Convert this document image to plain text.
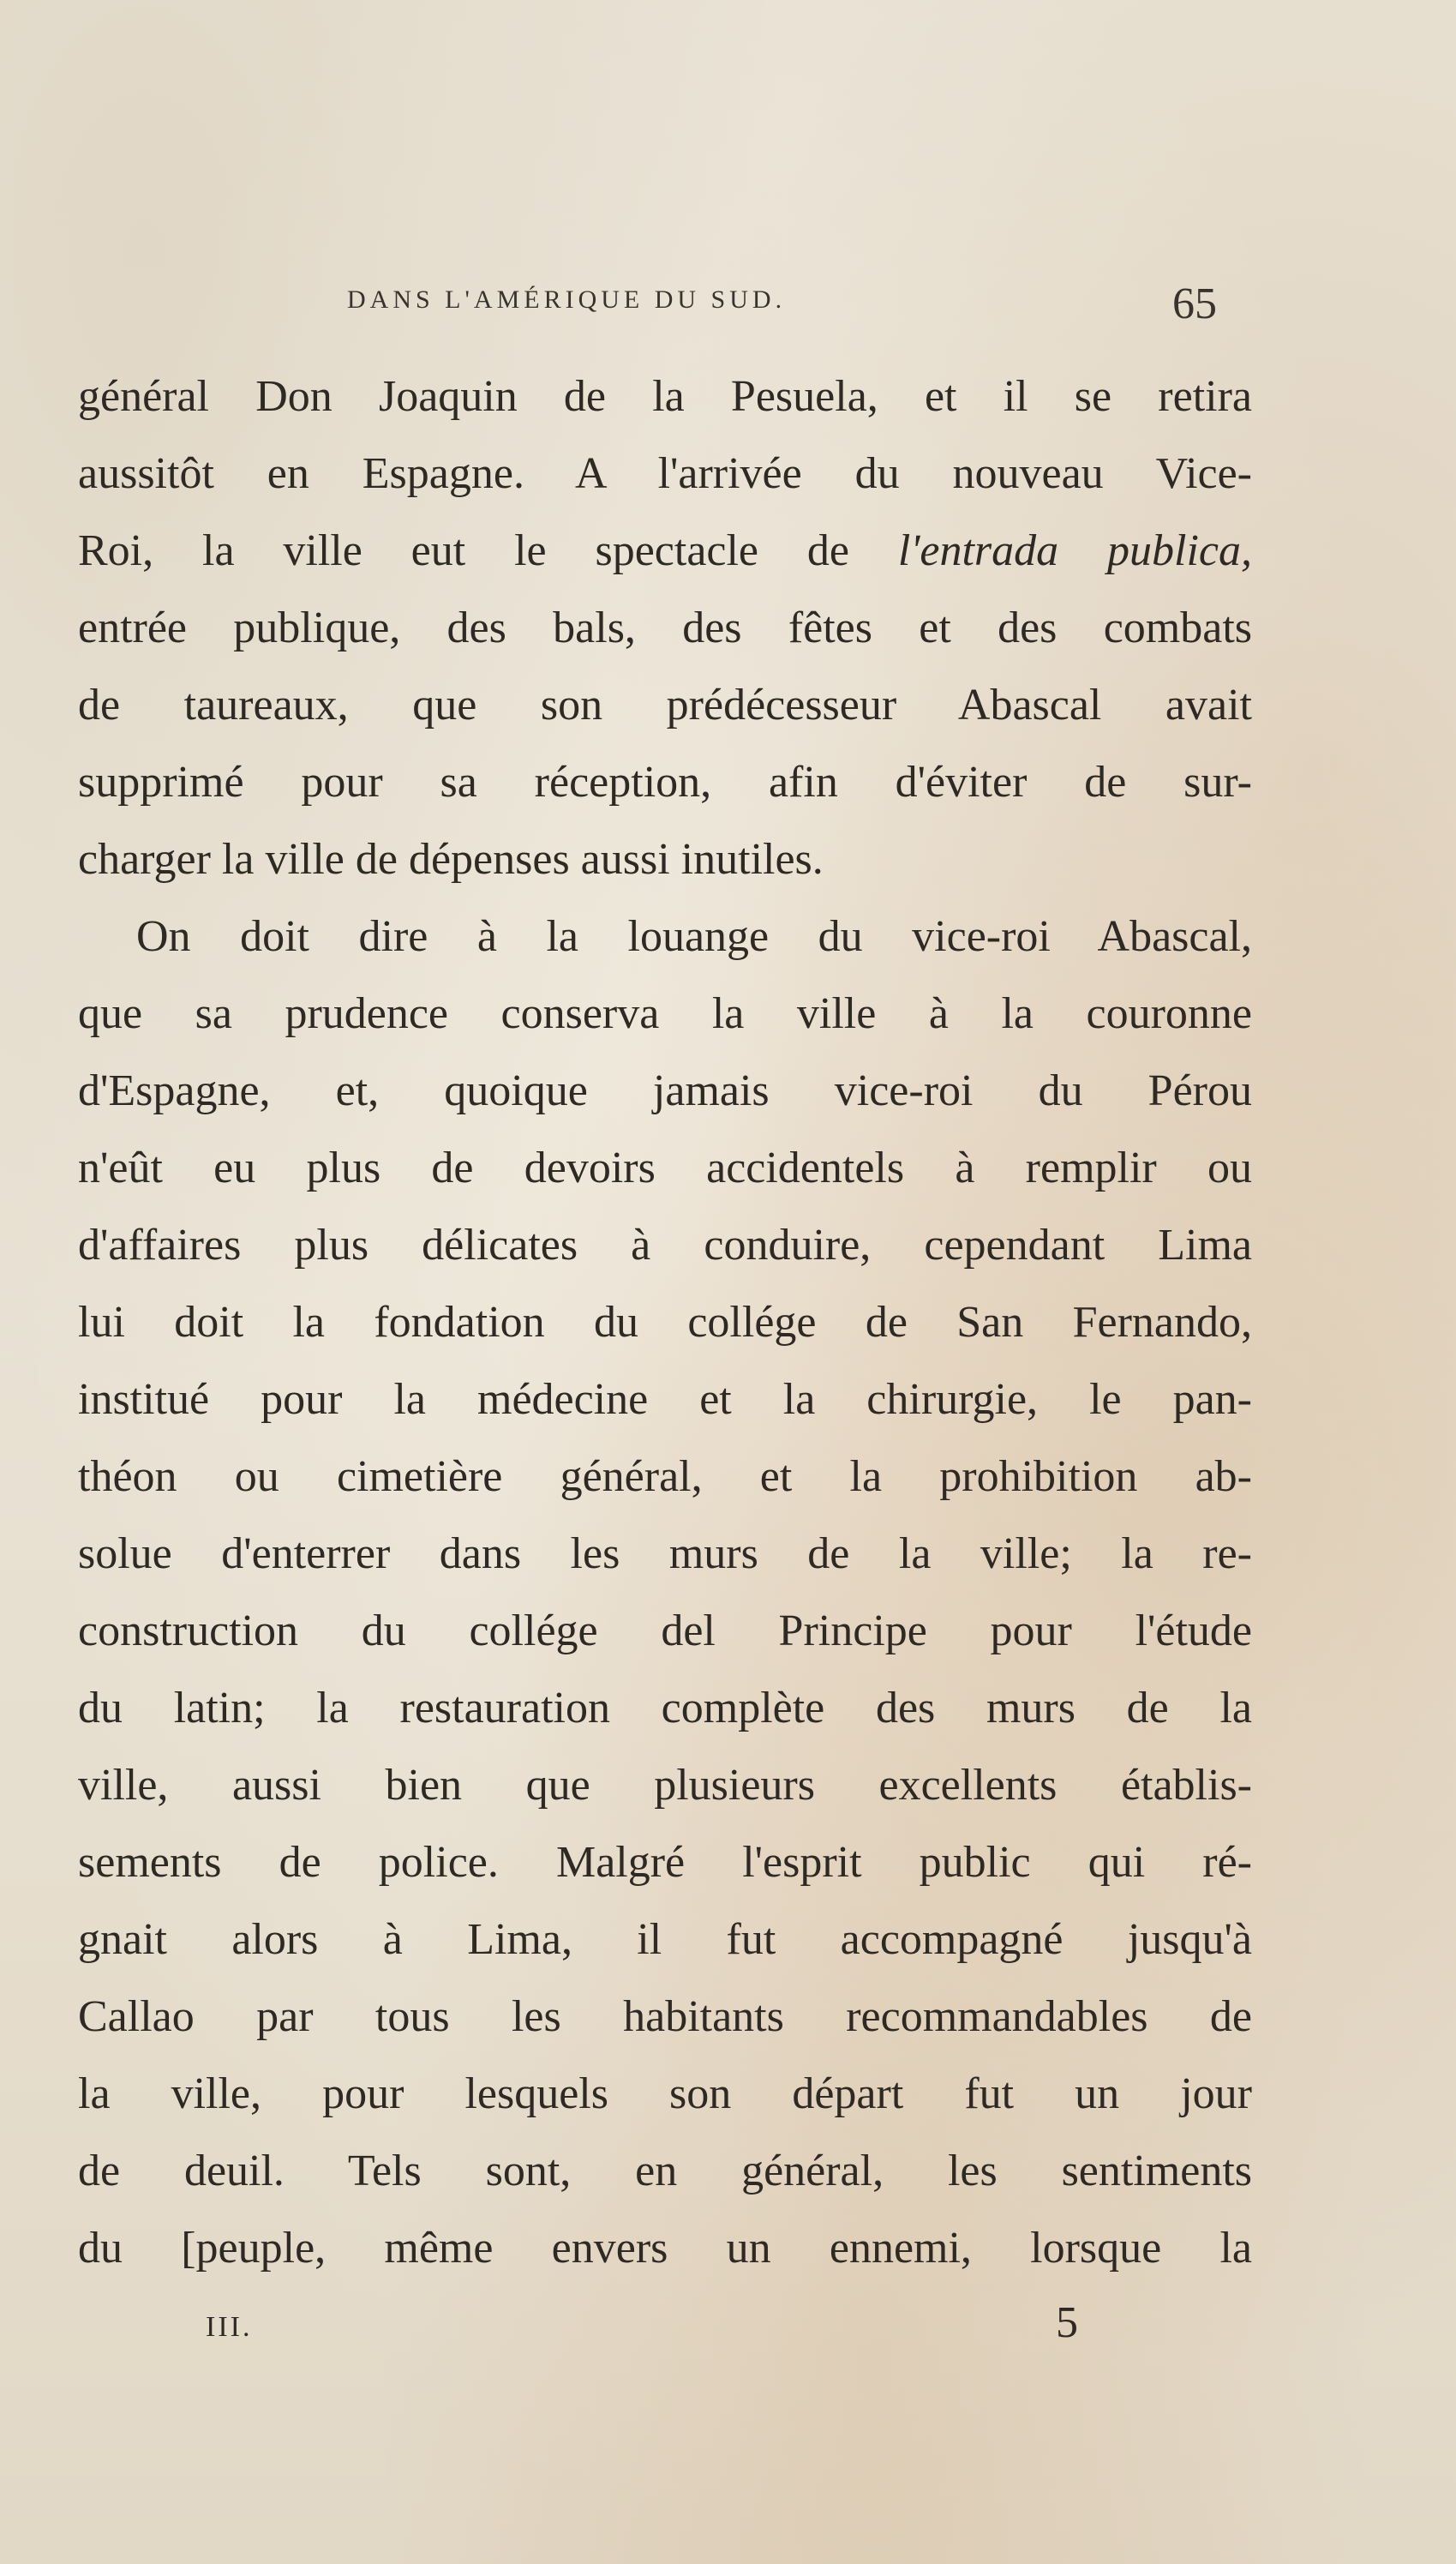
DANS L'AMÉRIQUE DU SUD.	65
général Don Joaquin de la Pesuela, et il se retira
aussitôt en Espagne. A l'arrivée du nouveau Vice-
Roi, la ville eut le spectacle de l'entrada publica,
entrée publique, des bals, des fêtes et des combats
de taureaux, que son prédécesseur Abascal avait
supprimé pour sa réception, afin d'éviter de sur-
charger la ville de dépenses aussi inutiles.
On doit dire à la louange du vice-roi Abascal,
que sa prudence conserva la ville à la couronne
d'Espagne, et, quoique jamais vice-roi du Pérou
n'eût eu plus de devoirs accidentels à remplir ou
d'affaires plus délicates à conduire, cependant Lima
lui doit la fondation du collége de San Fernando,
institué pour la médecine et la chirurgie, le pan-
théon ou cimetière général, et la prohibition ab-
solue d'enterrer dans les murs de la ville; la re-
construction du collége del Principe pour l'étude
du latin; la restauration complète des murs de la
ville, aussi bien que plusieurs excellents établis-
sements de police. Malgré l'esprit public qui ré-
gnait alors à Lima, il fut accompagné jusqu'à
Callao par tous les habitants recommandables de
la ville, pour lesquels son départ fut un jour
de deuil. Tels sont, en général, les sentiments
du [peuple, même envers un ennemi, lorsque la
III.	5
